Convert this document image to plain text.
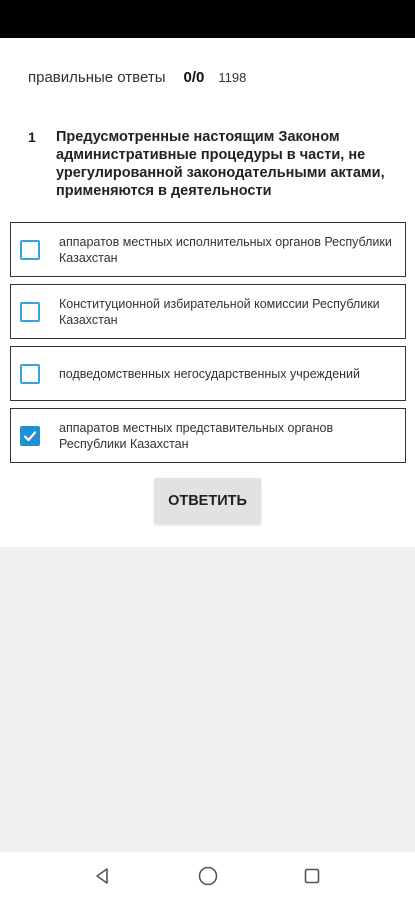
правильные ответы 0/0 1198
1	Предусмотренные настоящим Законом административные процедуры в части, не урегулированной законодательными актами, применяются в деятельности
аппаратов местных исполнительных органов Республики Казахстан
Конституционной избирательной комиссии Республики Казахстан
подведомственных негосударственных учреждений
аппаратов местных представительных органов Республики Казахстан
ОТВЕТИТЬ
